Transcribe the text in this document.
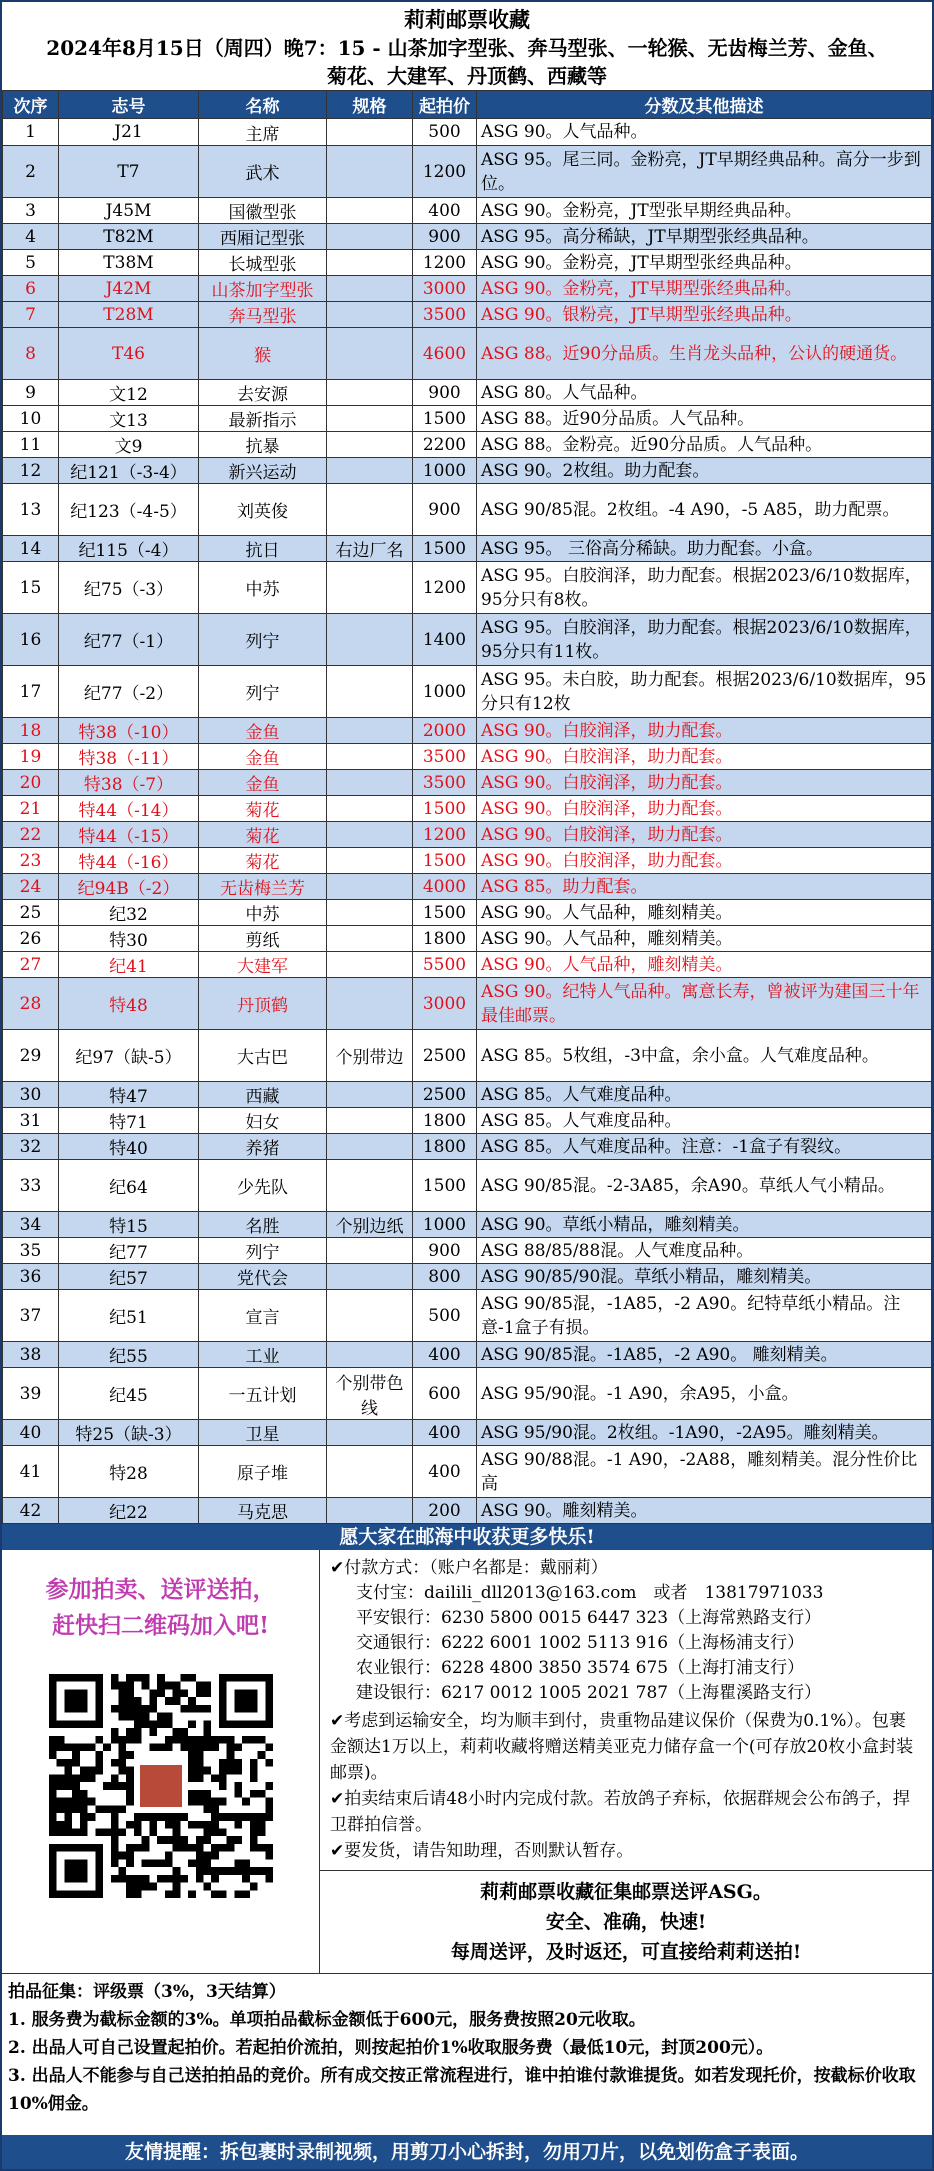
莉莉邮票收藏
2024年8月15日（周四）晚7：15 - 山茶加字型张、奔马型张、一轮猴、无齿梅兰芳、金鱼、
菊花、大建军、丹顶鹤、西藏等
次序	志号	名称	规格	起拍价	分数及其他描述
1	J21	主席		500	ASG 90。人气品种。
2	T7	武术		1200	ASG 95。尾三同。金粉亮，JT早期经典品种。高分一步到位。
3	J45M	国徽型张		400	ASG 90。金粉亮，JT型张早期经典品种。
4	T82M	西厢记型张		900	ASG 95。高分稀缺，JT早期型张经典品种。
5	T38M	长城型张		1200	ASG 90。金粉亮，JT早期型张经典品种。
6	J42M	山茶加字型张		3000	ASG 90。金粉亮，JT早期型张经典品种。
7	T28M	奔马型张		3500	ASG 90。银粉亮，JT早期型张经典品种。
8	T46	猴		4600	ASG 88。近90分品质。生肖龙头品种，公认的硬通货。
9	文12	去安源		900	ASG 80。人气品种。
10	文13	最新指示		1500	ASG 88。近90分品质。人气品种。
11	文9	抗暴		2200	ASG 88。金粉亮。近90分品质。人气品种。
12	纪121（-3-4）	新兴运动		1000	ASG 90。2枚组。助力配套。
13	纪123（-4-5）	刘英俊		900	ASG 90/85混。2枚组。-4 A90，-5 A85，助力配票。
14	纪115（-4）	抗日	右边厂名	1500	ASG 95。 三俗高分稀缺。助力配套。小盒。
15	纪75（-3）	中苏		1200	ASG 95。白胶润泽，助力配套。根据2023/6/10数据库，95分只有8枚。
16	纪77（-1）	列宁		1400	ASG 95。白胶润泽，助力配套。根据2023/6/10数据库，95分只有11枚。
17	纪77（-2）	列宁		1000	ASG 95。未白胶，助力配套。根据2023/6/10数据库，95分只有12枚
18	特38（-10）	金鱼		2000	ASG 90。白胶润泽，助力配套。
19	特38（-11）	金鱼		3500	ASG 90。白胶润泽，助力配套。
20	特38（-7）	金鱼		3500	ASG 90。白胶润泽，助力配套。
21	特44（-14）	菊花		1500	ASG 90。白胶润泽，助力配套。
22	特44（-15）	菊花		1200	ASG 90。白胶润泽，助力配套。
23	特44（-16）	菊花		1500	ASG 90。白胶润泽，助力配套。
24	纪94B（-2）	无齿梅兰芳		4000	ASG 85。助力配套。
25	纪32	中苏		1500	ASG 90。人气品种，雕刻精美。
26	特30	剪纸		1800	ASG 90。人气品种，雕刻精美。
27	纪41	大建军		5500	ASG 90。人气品种，雕刻精美。
28	特48	丹顶鹤		3000	ASG 90。纪特人气品种。寓意长寿，曾被评为建国三十年最佳邮票。
29	纪97（缺-5）	大古巴	个别带边	2500	ASG 85。5枚组，-3中盒，余小盒。人气难度品种。
30	特47	西藏		2500	ASG 85。人气难度品种。
31	特71	妇女		1800	ASG 85。人气难度品种。
32	特40	养猪		1800	ASG 85。人气难度品种。注意：-1盒子有裂纹。
33	纪64	少先队		1500	ASG 90/85混。-2-3A85，余A90。草纸人气小精品。
34	特15	名胜	个别边纸	1000	ASG 90。草纸小精品，雕刻精美。
35	纪77	列宁		900	ASG 88/85/88混。人气难度品种。
36	纪57	党代会		800	ASG 90/85/90混。草纸小精品，雕刻精美。
37	纪51	宣言		500	ASG 90/85混，-1A85，-2 A90。纪特草纸小精品。注意-1盒子有损。
38	纪55	工业		400	ASG 90/85混。-1A85，-2 A90。 雕刻精美。
39	纪45	一五计划	个别带色线	600	ASG 95/90混。-1 A90，余A95，小盒。
40	特25（缺-3）	卫星		400	ASG 95/90混。2枚组。-1A90，-2A95。雕刻精美。
41	特28	原子堆		400	ASG 90/88混。-1 A90，-2A88，雕刻精美。混分性价比高
42	纪22	马克思		200	ASG 90。雕刻精美。
愿大家在邮海中收获更多快乐!
参加拍卖、送评送拍，
赶快扫二维码加入吧!
✔付款方式：（账户名都是：戴丽莉）
支付宝：dailili_dll2013@163.com　或者　13817971033
平安银行：6230 5800 0015 6447 323（上海常熟路支行）
交通银行：6222 6001 1002 5113 916（上海杨浦支行）
农业银行：6228 4800 3850 3574 675（上海打浦支行）
建设银行：6217 0012 1005 2021 787（上海瞿溪路支行）
✔考虑到运输安全，均为顺丰到付，贵重物品建议保价（保费为0.1%）。包裹金额达1万以上，莉莉收藏将赠送精美亚克力储存盒一个(可存放20枚小盒封装邮票)。
✔拍卖结束后请48小时内完成付款。若放鸽子弃标，依据群规会公布鸽子，捍卫群拍信誉。
✔要发货，请告知助理，否则默认暂存。
莉莉邮票收藏征集邮票送评ASG。
安全、准确，快速!
每周送评，及时返还，可直接给莉莉送拍!
拍品征集：评级票（3%，3天结算）
1. 服务费为截标金额的3%。单项拍品截标金额低于600元，服务费按照20元收取。
2. 出品人可自己设置起拍价。若起拍价流拍，则按起拍价1%收取服务费（最低10元，封顶200元）。
3. 出品人不能参与自己送拍拍品的竞价。所有成交按正常流程进行，谁中拍谁付款谁提货。如若发现托价，按截标价收取10%佣金。
友情提醒：拆包裹时录制视频，用剪刀小心拆封，勿用刀片，以免划伤盒子表面。
